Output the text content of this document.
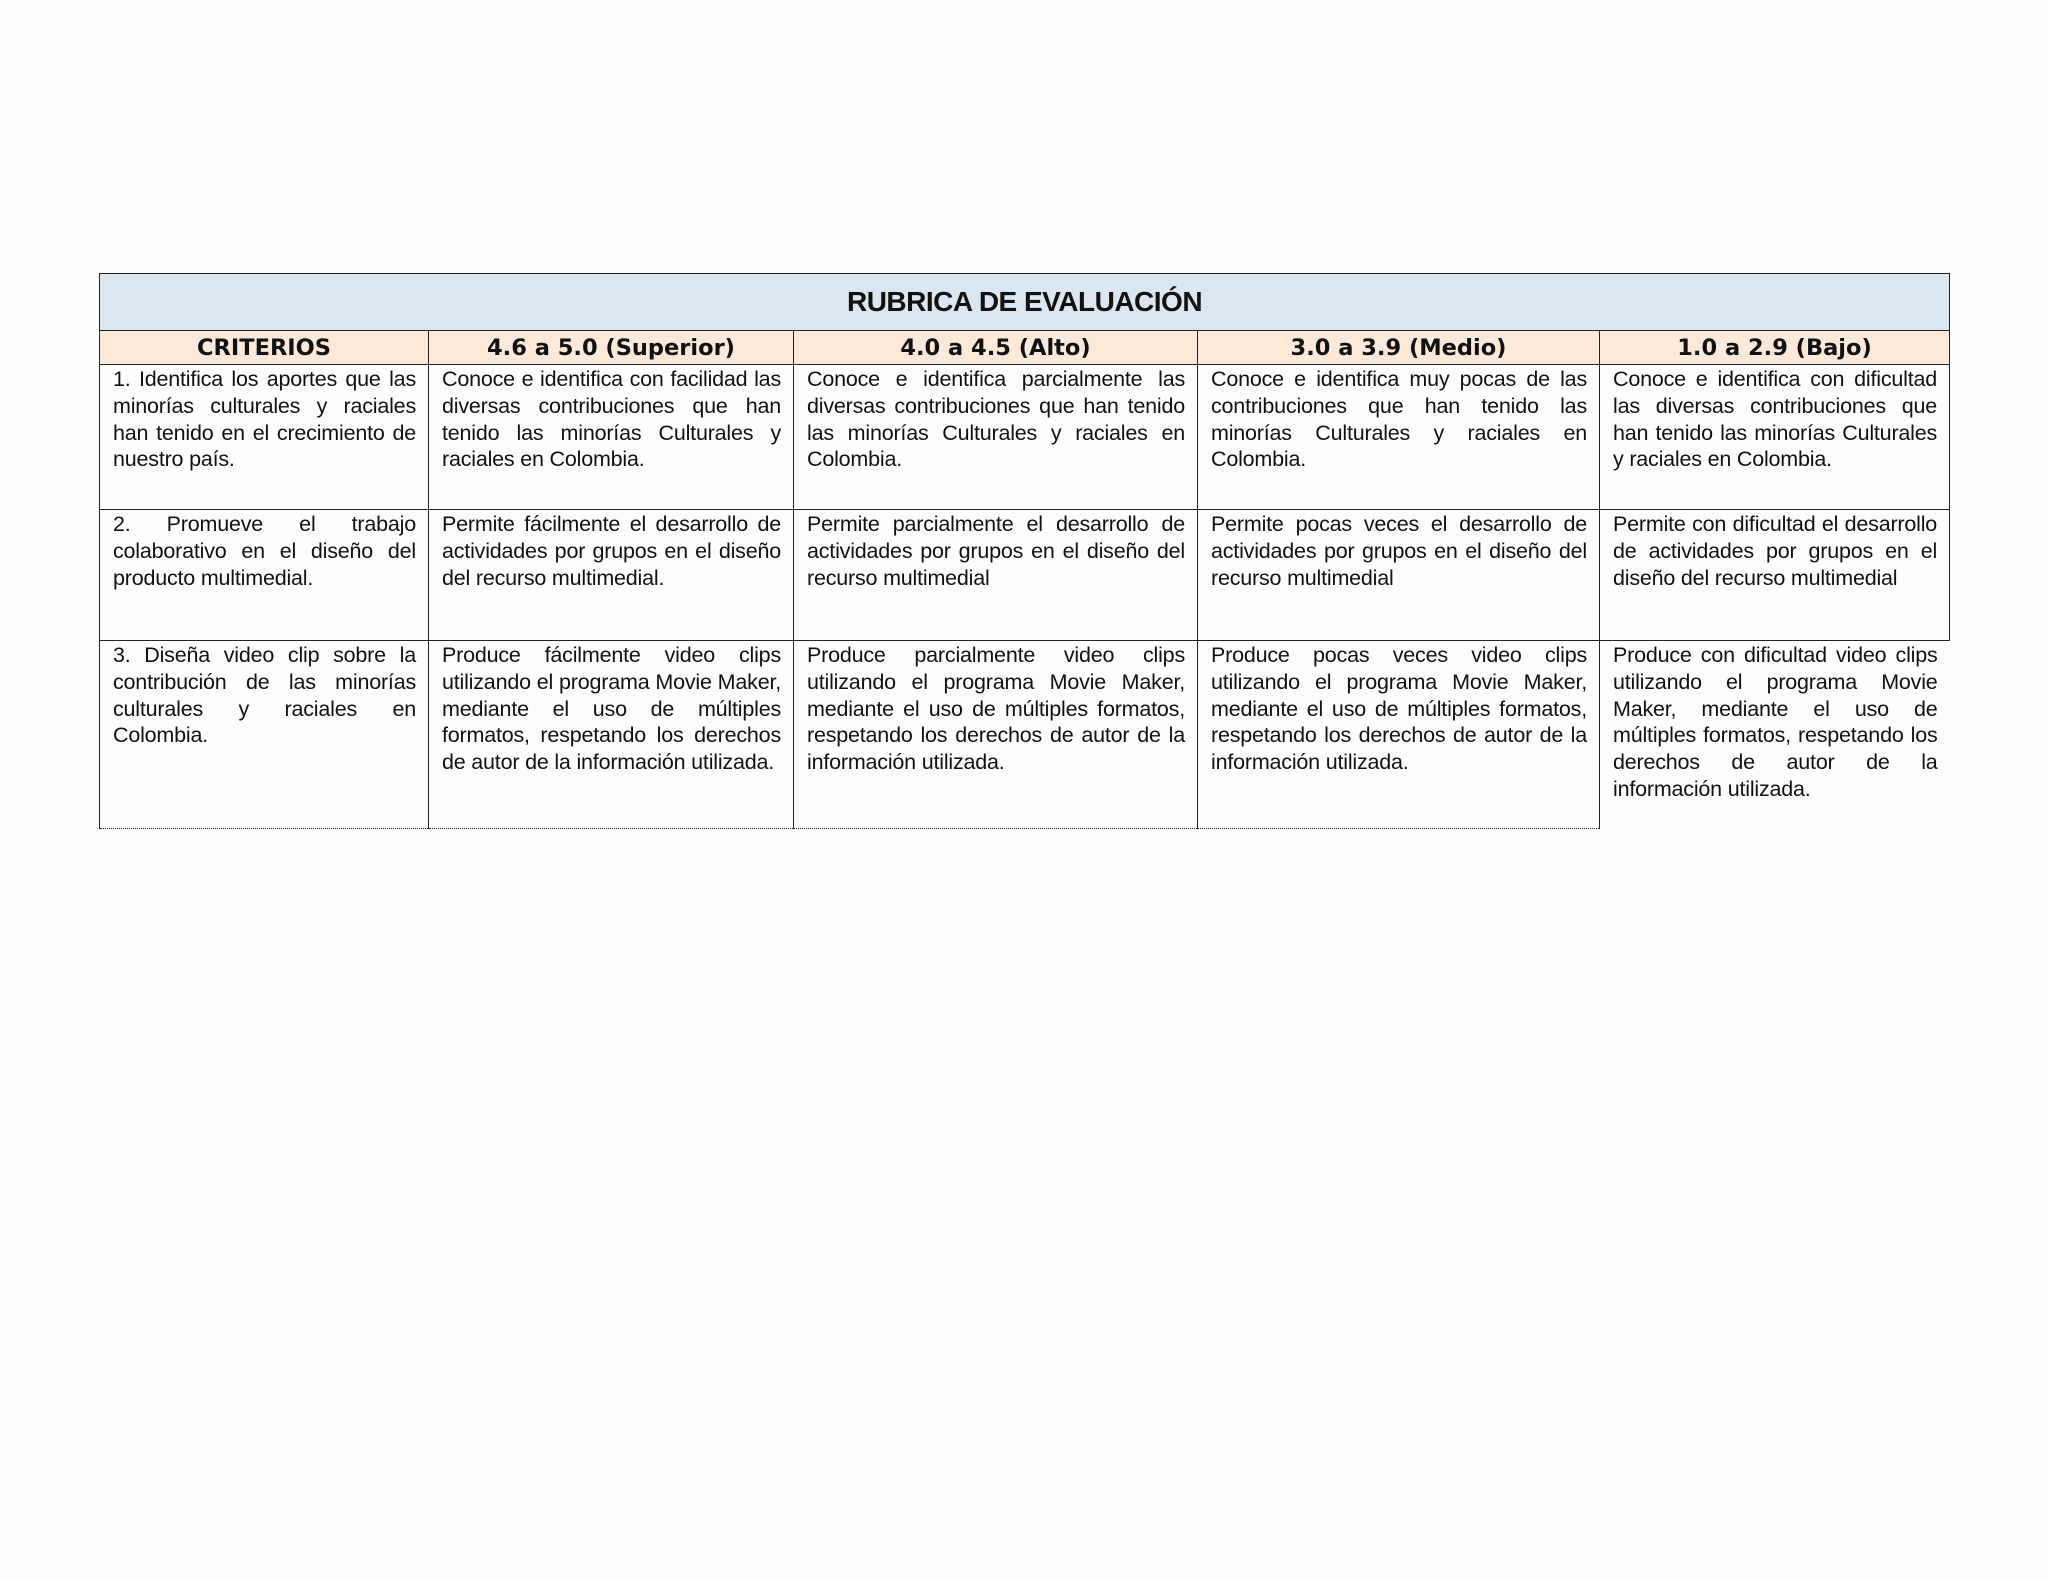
RUBRICA DE EVALUACIÓN				
CRITERIOS	4.6 a 5.0 (Superior)	4.0 a 4.5 (Alto)	3.0 a 3.9 (Medio)	1.0 a 2.9 (Bajo)
1. Identifica los aportes que las minorías culturales y raciales han tenido en el crecimiento de nuestro país.	Conoce e identifica con facilidad las diversas contribuciones que han tenido las minorías Culturales y raciales en Colombia.	Conoce e identifica parcialmente las diversas contribuciones que han tenido las minorías Culturales y raciales en Colombia.	Conoce e identifica muy pocas de las contribuciones que han tenido las minorías Culturales y raciales en Colombia.	Conoce e identifica con dificultad las diversas contribuciones que han tenido las minorías Culturales y raciales en Colombia.
2. Promueve el trabajo colaborativo en el diseño del producto multimedial.	Permite fácilmente el desarrollo de actividades por grupos en el diseño del recurso multimedial.	Permite parcialmente el desarrollo de actividades por grupos en el diseño del recurso multimedial	Permite pocas veces el desarrollo de actividades por grupos en el diseño del recurso multimedial	Permite con dificultad el desarrollo de actividades por grupos en el diseño del recurso multimedial
3. Diseña video clip sobre la contribución de las minorías culturales y raciales en Colombia.	Produce fácilmente video clips utilizando el programa Movie Maker, mediante el uso de múltiples formatos, respetando los derechos de autor de la información utilizada.	Produce parcialmente video clips utilizando el programa Movie Maker, mediante el uso de múltiples formatos, respetando los derechos de autor de la información utilizada.	Produce pocas veces video clips utilizando el programa Movie Maker, mediante el uso de múltiples formatos, respetando los derechos de autor de la información utilizada.	Produce con dificultad video clips utilizando el programa Movie Maker, mediante el uso de múltiples formatos, respetando los derechos de autor de la información utilizada.
